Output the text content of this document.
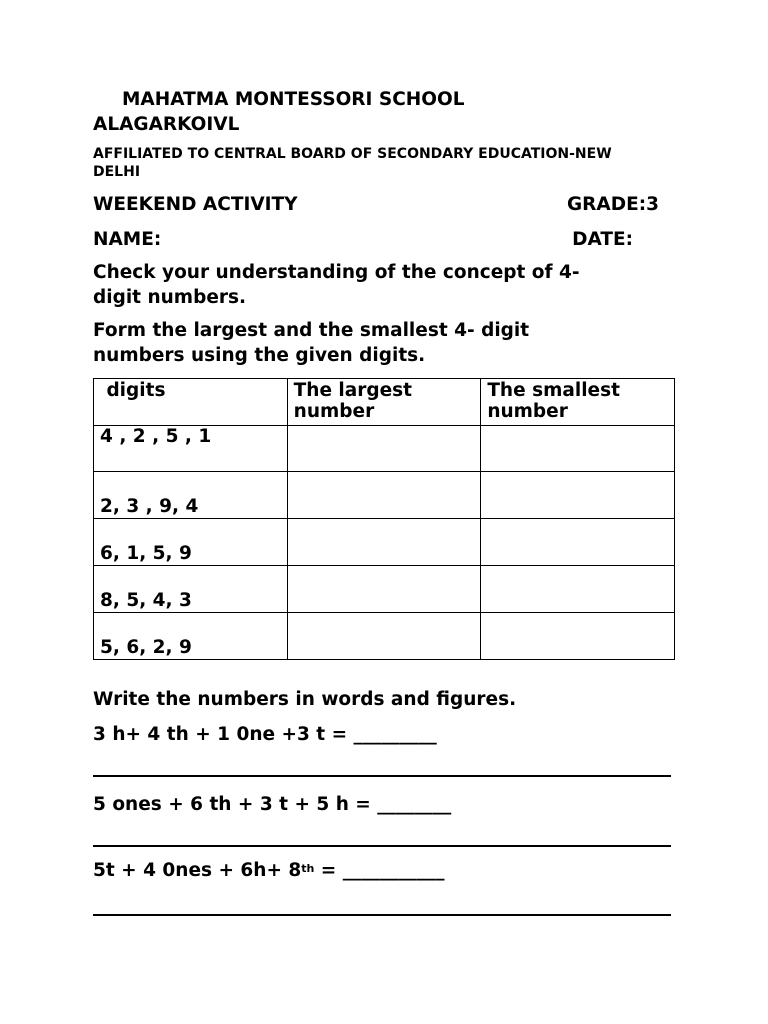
MAHATMA MONTESSORI SCHOOL
ALAGARKOIVL
AFFILIATED TO CENTRAL BOARD OF SECONDARY EDUCATION-NEW
DELHI
WEEKEND ACTIVITY	GRADE:3
NAME:	DATE:
Check your understanding of the concept of 4-
digit numbers.
Form the largest and the smallest 4- digit
numbers using the given digits.
digits	The largest number	The smallest number
4 , 2 , 5 , 1		
2, 3 , 9, 4		
6, 1, 5, 9		
8, 5, 4, 3		
5, 6, 2, 9		
Write the numbers in words and figures.
3 h+ 4 th + 1 0ne +3 t = _________
5 ones + 6 th + 3 t + 5 h = ________
5t + 4 0nes + 6h+ 8th = ___________
